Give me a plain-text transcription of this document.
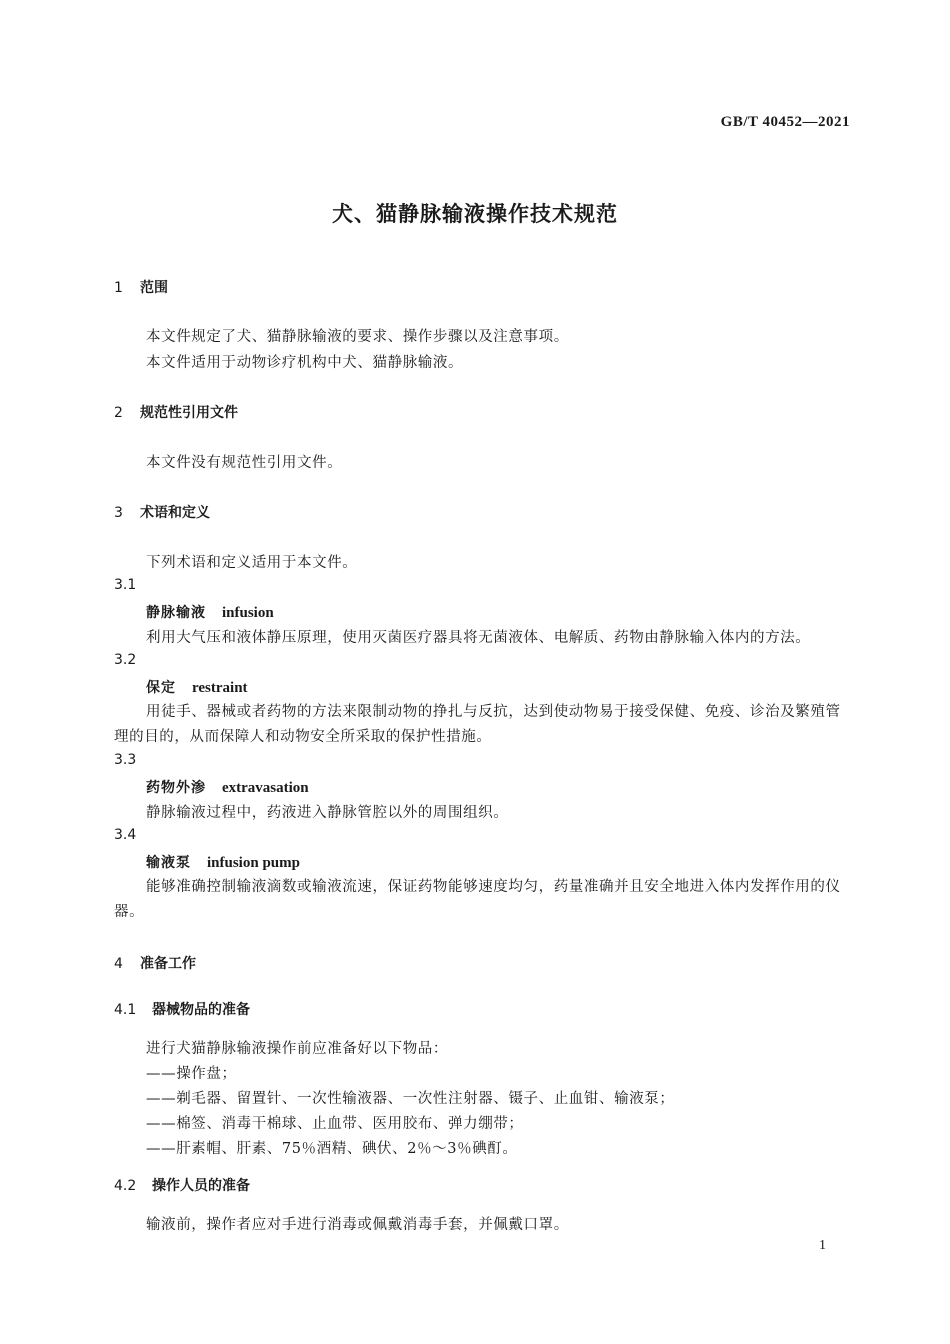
GB/T 40452—2021
犬、猫静脉输液操作技术规范
1 范围
本文件规定了犬、猫静脉输液的要求、操作步骤以及注意事项。
本文件适用于动物诊疗机构中犬、猫静脉输液。
2 规范性引用文件
本文件没有规范性引用文件。
3 术语和定义
下列术语和定义适用于本文件。
3.1
静脉输液 infusion
利用大气压和液体静压原理，使用灭菌医疗器具将无菌液体、电解质、药物由静脉输入体内的方法。
3.2
保定 restraint
用徒手、器械或者药物的方法来限制动物的挣扎与反抗，达到使动物易于接受保健、免疫、诊治及繁殖管理的目的，从而保障人和动物安全所采取的保护性措施。
3.3
药物外渗 extravasation
静脉输液过程中，药液进入静脉管腔以外的周围组织。
3.4
输液泵 infusion pump
能够准确控制输液滴数或输液流速，保证药物能够速度均匀，药量准确并且安全地进入体内发挥作用的仪器。
4 准备工作
4.1 器械物品的准备
进行犬猫静脉输液操作前应准备好以下物品：
——操作盘；
——剃毛器、留置针、一次性输液器、一次性注射器、镊子、止血钳、输液泵；
——棉签、消毒干棉球、止血带、医用胶布、弹力绷带；
——肝素帽、肝素、75％酒精、碘伏、2％～3％碘酊。
4.2 操作人员的准备
输液前，操作者应对手进行消毒或佩戴消毒手套，并佩戴口罩。
1
